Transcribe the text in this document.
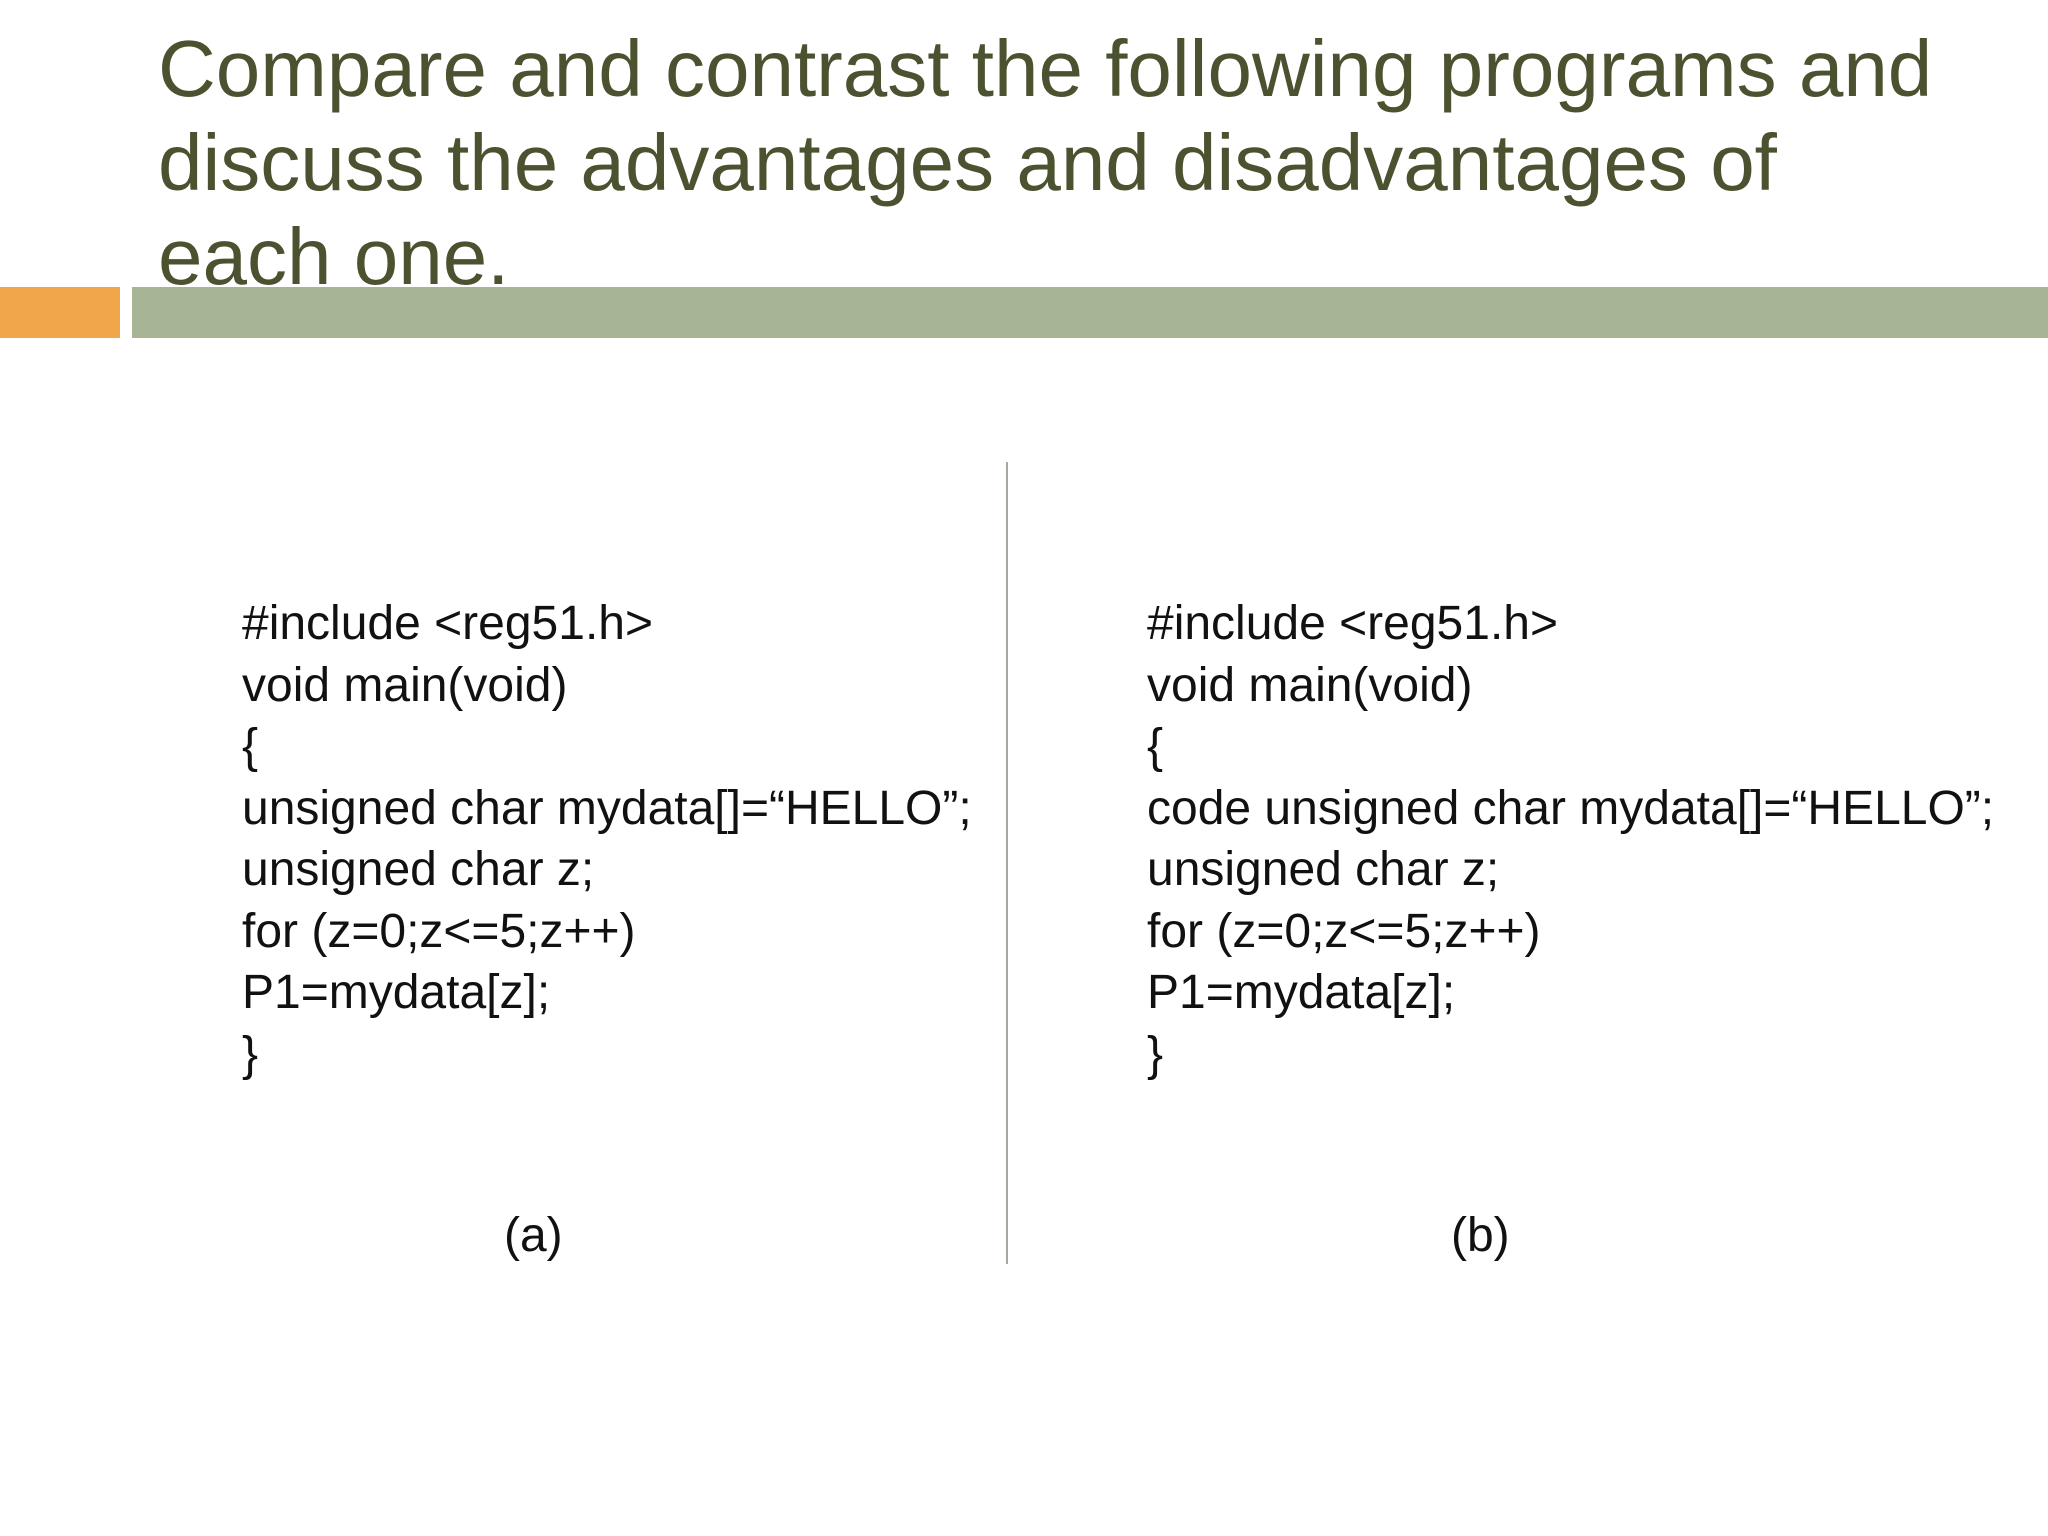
Compare and contrast the following programs and
discuss the advantages and disadvantages of
each one.
#include <reg51.h>
void main(void)
{
unsigned char mydata[]=“HELLO”;
unsigned char z;
for (z=0;z<=5;z++)
P1=mydata[z];
}
#include <reg51.h>
void main(void)
{
code unsigned char mydata[]=“HELLO”;
unsigned char z;
for (z=0;z<=5;z++)
P1=mydata[z];
}
(a)	(b)
